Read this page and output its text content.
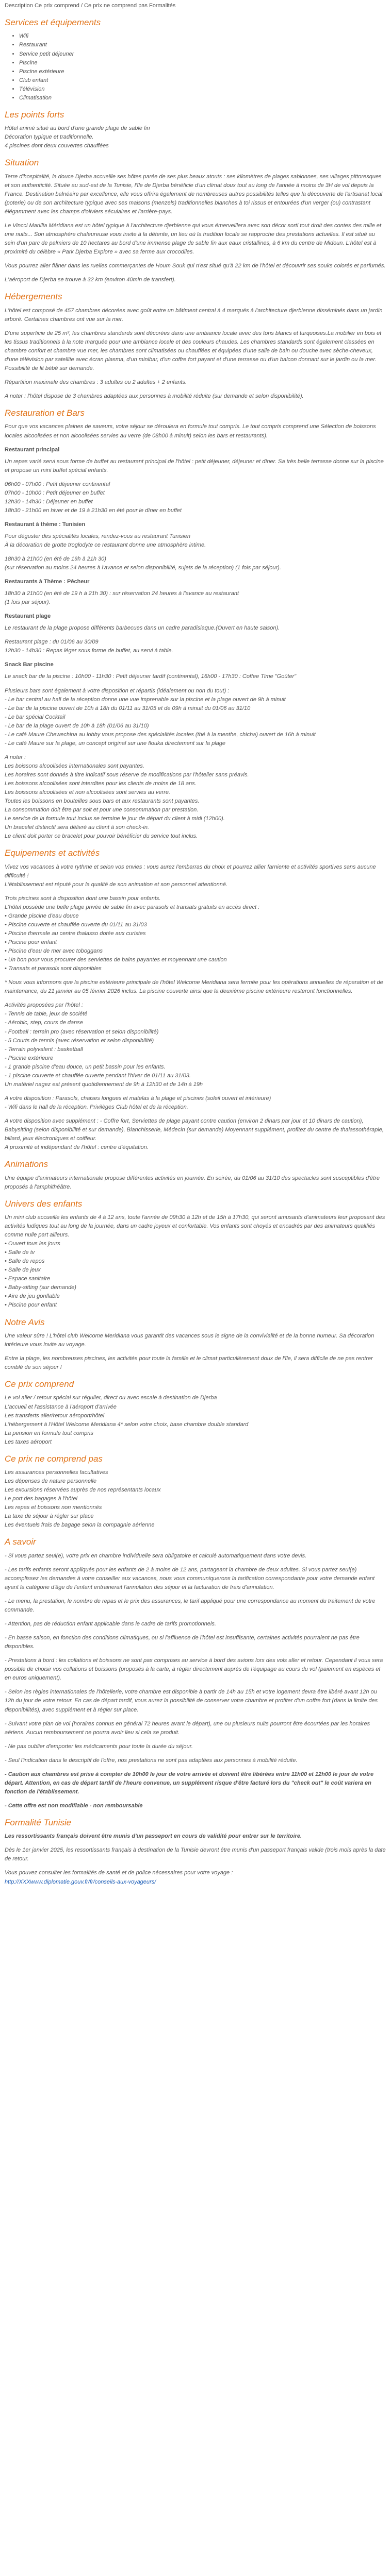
Description Ce prix comprend / Ce prix ne comprend pas Formalités
Services et équipements
• Wifi
• Restaurant
• Service petit déjeuner
• Piscine
• Piscine extérieure
• Club enfant
• Télévision
• Climatisation
Les points forts
Hôtel animé situé au bord d'une grande plage de sable fin
Décoration typique et traditionnelle.
4 piscines dont deux couvertes chauffées
Situation

Terre d'hospitalité, la douce Djerba accueille ses hôtes parée de ses plus beaux atouts : ses kilomètres de plages sablonnes, ses villages pittoresques et son authenticité. Située au sud-est de la Tunisie, l'île de Djerba bénéficie d'un climat doux tout au long de l'année à moins de 3H de vol depuis la France. Destination balnéaire par excellence, elle vous offrira également de nombreuses autres possibilités telles que la découverte de l'artisanat local (poterie) ou de son architecture typique avec ses maisons (menzels) traditionnelles blanches à toi rissus et entourées d'un verger (ou) contrastant élégamment avec les champs d'oliviers séculaires et l'arrière-pays.

Le Vincci Marillia Méridiana est un hôtel typique à l'architecture djerbienne qui vous émerveillera avec son décor sorti tout droit des contes des mille et une nuits... Son atmosphère chaleureuse vous invite à la détente, un lieu où la tradition locale se rapproche des prestations actuelles. Il est situé au sein d'un parc de palmiers de 10 hectares au bord d'une immense plage de sable fin aux eaux cristallines, à 6 km du centre de Midoun. L'hôtel est à proximité du célèbre « Park Djerba Explore » avec sa ferme aux crocodiles.

Vous pourrez aller flâner dans les ruelles commerçantes de Houm Souk qui n'est situé qu'à 22 km de l'hôtel et découvrir ses souks colorés et parfumés.

L'aéroport de Djerba se trouve à 32 km (environ 40min de transfert).

Hébergements

L'hôtel est composé de 457 chambres décorées avec goût entre un bâtiment central à 4 marqués à l'architecture djerbienne disséminés dans un jardin arboré. Certaines chambres ont vue sur la mer.

D'une superficie de 25 m², les chambres standards sont décorées dans une ambiance locale avec des tons blancs et turquoises.La mobilier en bois et les tissus traditionnels à la note marquée pour une ambiance locale et des couleurs chaudes. Les chambres standards sont également classées en chambre confort et chambre vue mer, les chambres sont climatisées ou chauffées et équipées d'une salle de bain ou douche avec sèche-cheveux, d'une télévision par satellite avec écran plasma, d'un minibar, d'un coffre fort payant et d'une terrasse ou d'un balcon donnant sur le jardin ou la mer. Possibilité de lit bébé sur demande.

Répartition maximale des chambres : 3 adultes ou 2 adultes + 2 enfants.

A noter : l'hôtel dispose de 3 chambres adaptées aux personnes à mobilité réduite (sur demande et selon disponibilité).

Restauration et Bars

Pour que vos vacances plaines de saveurs, votre séjour se déroulera en formule tout compris. Le tout compris comprend une Sélection de boissons locales alcoolisées et non alcoolisées servies au verre (de 08h00 à minuit) selon les bars et restaurants).

Restaurant principal

Un repas varié servi sous forme de buffet au restaurant principal de l'hôtel : petit déjeuner, déjeuner et dîner. Sa très belle terrasse donne sur la piscine et propose un mini buffet spécial enfants.

06h00 - 07h00 : Petit déjeuner continental
07h00 - 10h00 : Petit déjeuner en buffet
12h30 - 14h30 : Déjeuner en buffet
18h30 - 21h00 en hiver et de 19 à 21h30 en été pour le dîner en buffet
Restaurant à thème : Tunisien

Pour déguster des spécialités locales, rendez-vous au restaurant Tunisien
À la décoration de grotte troglodyte ce restaurant donne une atmosphère intime.

18h30 à 21h00 (en été de 19h à 21h 30)
(sur réservation au moins 24 heures à l'avance et selon disponibilité, sujets de la réception) (1 fois par séjour).
Restaurants à Thème : Pêcheur
18h30 à 21h00 (en été de 19 h à 21h 30) : sur réservation 24 heures à l'avance au restaurant
(1 fois par séjour).
Restaurant plage

Le restaurant de la plage propose différents barbecues dans un cadre paradisiaque.(Ouvert en haute saison).

Restaurant plage : du 01/06 au 30/09
12h30 - 14h30 : Repas léger sous forme de buffet, au servi à table.
Snack Bar piscine

Le snack bar de la piscine : 10h00 - 11h30 : Petit déjeuner tardif (continental), 16h00 - 17h30 : Coffee Time "Goûter"

Plusieurs bars sont également à votre disposition et répartis (idéalement ou non du tout) :

- Le bar central au hall de la réception donne une vue imprenable sur la piscine et la plage ouvert de 9h à minuit
- Le bar de la piscine ouvert de 10h à 18h du 01/11 au 31/05 et de 09h à minuit du 01/06 au 31/10
- Le bar spécial Cocktail
- Le bar de la plage ouvert de 10h à 18h (01/06 au 31/10)
- Le café Maure Chewechina au lobby vous propose des spécialités locales (thé à la menthe, chicha) ouvert de 16h à minuit
- Le café Maure sur la plage, un concept original sur une flouka directement sur la plage
A noter :
Les boissons alcoolisées internationales sont payantes.
Les horaires sont donnés à titre indicatif sous réserve de modifications par l'hôtelier sans préavis.
Les boissons alcoolisées sont interdites pour les clients de moins de 18 ans.
Les boissons alcoolisées et non alcoolisées sont servies au verre.
Toutes les boissons en bouteilles sous bars et aux restaurants sont payantes.
La consommation doit être par soit et pour une consommation par prestation.
Le service de la formule tout inclus se termine le jour de départ du client à midi (12h00).
Un bracelet distinctif sera délivré au client à son check-in.
Le client doit porter ce bracelet pour pouvoir bénéficier du service tout inclus.
Equipements et activités

Vivez vos vacances à votre rythme et selon vos envies : vous aurez l'embarras du choix et pourrez allier farniente et activités sportives sans aucune difficulté !
L'établissement est réputé pour la qualité de son animation et son personnel attentionné.

Trois piscines sont à disposition dont une bassin pour enfants.
L'hôtel possède une belle plage privée de sable fin avec parasols et transats gratuits en accès direct :

• Grande piscine d'eau douce
• Piscine couverte et chauffée ouverte du 01/11 au 31/03
• Piscine thermale au centre thalasso dotée aux curistes
• Piscine pour enfant
• Piscine d'eau de mer avec toboggans
• Un bon pour vous procurer des serviettes de bains payantes et moyennant une caution
• Transats et parasols sont disponibles

* Nous vous informons que la piscine extérieure principale de l'hôtel Welcome Meridiana sera fermée pour les opérations annuelles de réparation et de maintenance, du 21 janvier au 05 février 2026 inclus. La piscine couverte ainsi que la deuxième piscine extérieure resteront fonctionnelles.

Activités proposées par l'hôtel :
- Tennis de table, jeux de société
- Aérobic, step, cours de danse
- Football : terrain pro (avec réservation et selon disponibilité)
- 5 Courts de tennis (avec réservation et selon disponibilité)
- Terrain polyvalent : basketball
- Piscine extérieure
- 1 grande piscine d'eau douce, un petit bassin pour les enfants.
- 1 piscine couverte et chauffée ouverte pendant l'hiver de 01/11 au 31/03.
Un matériel nagez est présent quotidiennement de 9h à 12h30 et de 14h à 19h

A votre disposition : Parasols, chaises longues et matelas à la plage et piscines (soleil ouvert et intérieure)
- Wifi dans le hall de la réception. Privilèges Club hôtel et de la réception.

A votre disposition avec supplément : - Coffre fort, Serviettes de plage payant contre caution (environ 2 dinars par jour et 10 dinars de caution), Babysitting (selon disponibilité et sur demande), Blanchisserie, Médecin (sur demande) Moyennant supplément, profitez du centre de thalassothérapie, billard, jeux électroniques et coiffeur.
A proximité et indépendant de l'hôtel : centre d'équitation.

Animations

Une équipe d'animateurs internationale propose différentes activités en journée. En soirée, du 01/06 au 31/10 des spectacles sont susceptibles d'être proposés à l'amphithéâtre.

Univers des enfants

Un mini club accueille les enfants de 4 à 12 ans, toute l'année de 09h30 à 12h et de 15h à 17h30, qui seront amusants d'animateurs leur proposant des activités ludiques tout au long de la journée, dans un cadre joyeux et confortable. Vos enfants sont choyés et encadrés par des animateurs qualifiés comme nulle part ailleurs.

• Ouvert tous les jours
• Salle de tv
• Salle de repos
• Salle de jeux
• Espace sanitaire
• Baby-sitting (sur demande)
• Aire de jeu gonflable
• Piscine pour enfant
Notre Avis

Une valeur sûre ! L'hôtel club Welcome Meridiana vous garantit des vacances sous le signe de la convivialité et de la bonne humeur. Sa décoration intérieure vous invite au voyage.

Entre la plage, les nombreuses piscines, les activités pour toute la famille et le climat particulièrement doux de l'île, il sera difficile de ne pas rentrer comblé de son séjour !

Ce prix comprend
Le vol aller / retour spécial sur régulier, direct ou avec escale à destination de Djerba
L'accueil et l'assistance à l'aéroport d'arrivée
Les transferts aller/retour aéroport/hôtel
L'hébergement à l'Hôtel Welcome Meridiana 4* selon votre choix, base chambre double standard
La pension en formule tout compris
Les taxes aéroport
Ce prix ne comprend pas
Les assurances personnelles facultatives
Les dépenses de nature personnelle
Les excursions réservées auprès de nos représentants locaux
Le port des bagages à l'hôtel
Les repas et boissons non mentionnés
La taxe de séjour à régler sur place
Les éventuels frais de bagage selon la compagnie aérienne
A savoir

- Si vous partez seul(e), votre prix en chambre individuelle sera obligatoire et calculé automatiquement dans votre devis.

- Les tarifs enfants seront appliqués pour les enfants de 2 à moins de 12 ans, partageant la chambre de deux adultes. Si vous partez seul(e) accomplissez les demandes à votre conseiller aux vacances, nous vous communiquerons la tarification correspondante pour votre demande enfant ayant la catégorie d'âge de l'enfant entrainerait l'annulation des séjour et la facturation de frais d'annulation.

- Le menu, la prestation, le nombre de repas et le prix des assurances, le tarif appliqué pour une correspondance au moment du traitement de votre commande.

- Attention, pas de réduction enfant applicable dans le cadre de tarifs promotionnels.

- En basse saison, en fonction des conditions climatiques, ou si l'affluence de l'hôtel est insuffisante, certaines activités pourraient ne pas être disponibles.

- Prestations à bord : les collations et boissons ne sont pas comprises au service à bord des avions lors des vols aller et retour. Cependant il vous sera possible de choisir vos collations et boissons (proposés à la carte, à régler directement auprès de l'équipage au cours du vol (paiement en espèces et en euros uniquement).

- Selon les règles internationales de l'hôtellerie, votre chambre est disponible à partir de 14h au 15h et votre logement devra être libéré avant 12h ou 12h du jour de votre retour. En cas de départ tardif, vous aurez la possibilité de conserver votre chambre et profiter d'un coffre fort (dans la limite des disponibilités), avec supplément et à régler sur place.

- Suivant votre plan de vol (horaires connus en général 72 heures avant le départ), une ou plusieurs nuits pourront être écourtées par les horaires aériens. Aucun remboursement ne pourra avoir lieu si cela se produit.

- Ne pas oublier d'emporter les médicaments pour toute la durée du séjour.

- Seul l'indication dans le descriptif de l'offre, nos prestations ne sont pas adaptées aux personnes à mobilité réduite.

- Caution aux chambres est prise à compter de 10h00 le jour de votre arrivée et doivent être libérées entre 11h00 et 12h00 le jour de votre départ. Attention, en cas de départ tardif de l'heure convenue, un supplément risque d'être facturé lors du "check out" le coût variera en fonction de l'établissement.

- Cette offre est non modifiable - non remboursable

Formalité Tunisie

Les ressortissants français doivent être munis d'un passeport en cours de validité pour entrer sur le territoire.

Dès le 1er janvier 2025, les ressortissants français à destination de la Tunisie devront être munis d'un passeport français valide (trois mois après la date de retour.

Vous pouvez consulter les formalités de santé et de police nécessaires pour votre voyage :
http://XXXwww.diplomatie.gouv.fr/fr/conseils-aux-voyageurs/
